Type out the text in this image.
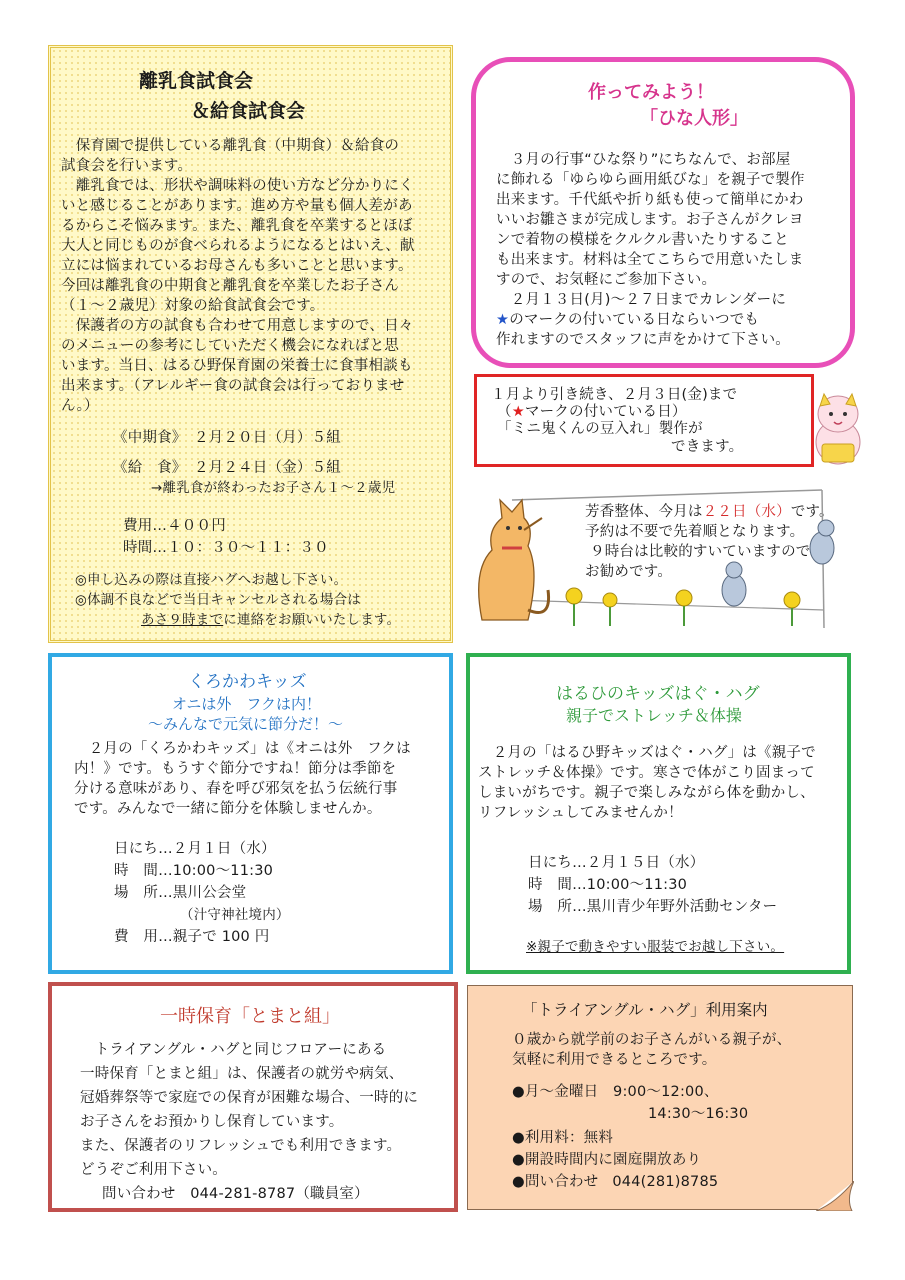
離乳食試食会
＆給食試食会
　保育園で提供している離乳食（中期食）＆給食の
試食会を行います。
　離乳食では、形状や調味料の使い方など分かりにく
いと感じることがあります。進め方や量も個人差があ
るからこそ悩みます。また、離乳食を卒業するとほぼ
大人と同じものが食べられるようになるとはいえ、献
立には悩まれているお母さんも多いことと思います。
今回は離乳食の中期食と離乳食を卒業したお子さん
（１～２歳児）対象の給食試食会です。
　保護者の方の試食も合わせて用意しますので、日々
のメニューの参考にしていただく機会になればと思
います。当日、はるひ野保育園の栄養士に食事相談も
出来ます。（アレルギー食の試食会は行っておりませ
ん。）
《中期食》　２月２０日（月）５組
《給　食》　２月２４日（金）５組
→離乳食が終わったお子さん１～２歳児
費用…４００円
時間…１０：３０～１１：３０
◎申し込みの際は直接ハグへお越し下さい。
◎体調不良などで当日キャンセルされる場合は
あさ９時までに連絡をお願いいたします。
作ってみよう！
「ひな人形」
　３月の行事“ひな祭り”にちなんで、お部屋
に飾れる「ゆらゆら画用紙びな」を親子で製作
出来ます。千代紙や折り紙も使って簡単にかわ
いいお雛さまが完成します。お子さんがクレヨ
ンで着物の模様をクルクル書いたりすること
も出来ます。材料は全てこちらで用意いたしま
すので、お気軽にご参加下さい。
　２月１３日(月)～２７日までカレンダーに
★のマークの付いている日ならいつでも
作れますのでスタッフに声をかけて下さい。
１月より引き続き、２月３日(金)まで
（★マークの付いている日）
「ミニ鬼くんの豆入れ」製作が
できます。
芳香整体、今月は２２日（水）です。
予約は不要で先着順となります。
９時台は比較的すいていますので
お勧めです。
くろかわキッズ
オニは外　フクは内！
～みんなで元気に節分だ！～
　２月の「くろかわキッズ」は《オニは外　フクは
内！》です。もうすぐ節分ですね！節分は季節を
分ける意味があり、春を呼び邪気を払う伝統行事
です。みんなで一緒に節分を体験しませんか。
日にち…２月１日（水）
時　間…10:00～11:30
場　所…黒川公会堂
（汁守神社境内）
費　用…親子で 100 円
はるひのキッズはぐ・ハグ
親子でストレッチ＆体操
　２月の「はるひ野キッズはぐ・ハグ」は《親子で
ストレッチ＆体操》です。寒さで体がこり固まって
しまいがちです。親子で楽しみながら体を動かし、
リフレッシュしてみませんか！
日にち…２月１５日（水）
時　間…10:00～11:30
場　所…黒川青少年野外活動センター
※親子で動きやすい服装でお越し下さい。
一時保育「とまと組」
　トライアングル・ハグと同じフロアーにある
一時保育「とまと組」は、保護者の就労や病気、
冠婚葬祭等で家庭での保育が困難な場合、一時的に
お子さんをお預かりし保育しています。
また、保護者のリフレッシュでも利用できます。
どうぞご利用下さい。
問い合わせ　044-281-8787（職員室）
「トライアングル・ハグ」利用案内
０歳から就学前のお子さんがいる親子が、
気軽に利用できるところです。
●月～金曜日　9:00～12:00、
14:30～16:30
●利用料：無料
●開設時間内に園庭開放あり
●問い合わせ 044(281)8785
